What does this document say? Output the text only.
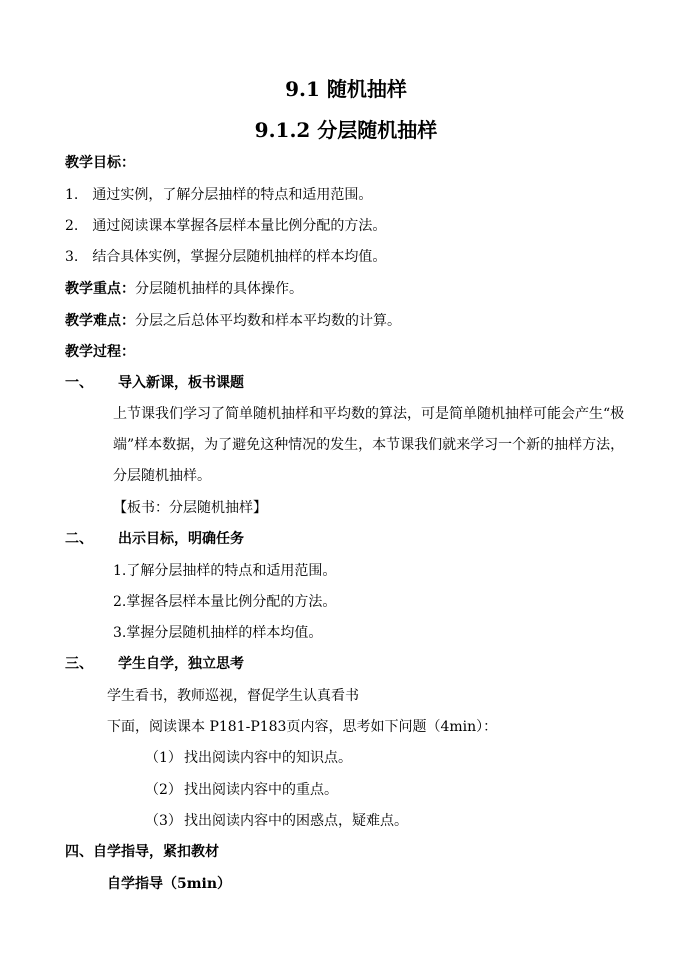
9.1 随机抽样
9.1.2 分层随机抽样
教学目标：
1.　通过实例，了解分层抽样的特点和适用范围。
2.　通过阅读课本掌握各层样本量比例分配的方法。
3.　结合具体实例，掌握分层随机抽样的样本均值。
教学重点：分层随机抽样的具体操作。
教学难点：分层之后总体平均数和样本平均数的计算。
教学过程：
一、 导入新课，板书课题
上节课我们学习了简单随机抽样和平均数的算法，可是简单随机抽样可能会产生“极
端”样本数据，为了避免这种情况的发生，本节课我们就来学习一个新的抽样方法，
分层随机抽样。
【板书：分层随机抽样】
二、 出示目标，明确任务
1.了解分层抽样的特点和适用范围。
2.掌握各层样本量比例分配的方法。
3.掌握分层随机抽样的样本均值。
三、 学生自学，独立思考
学生看书，教师巡视，督促学生认真看书
下面，阅读课本 P181-P183页内容，思考如下问题（4min）：
（1） 找出阅读内容中的知识点。
（2） 找出阅读内容中的重点。
（3） 找出阅读内容中的困惑点，疑难点。
四、 自学指导，紧扣教材
自学指导（5min）
